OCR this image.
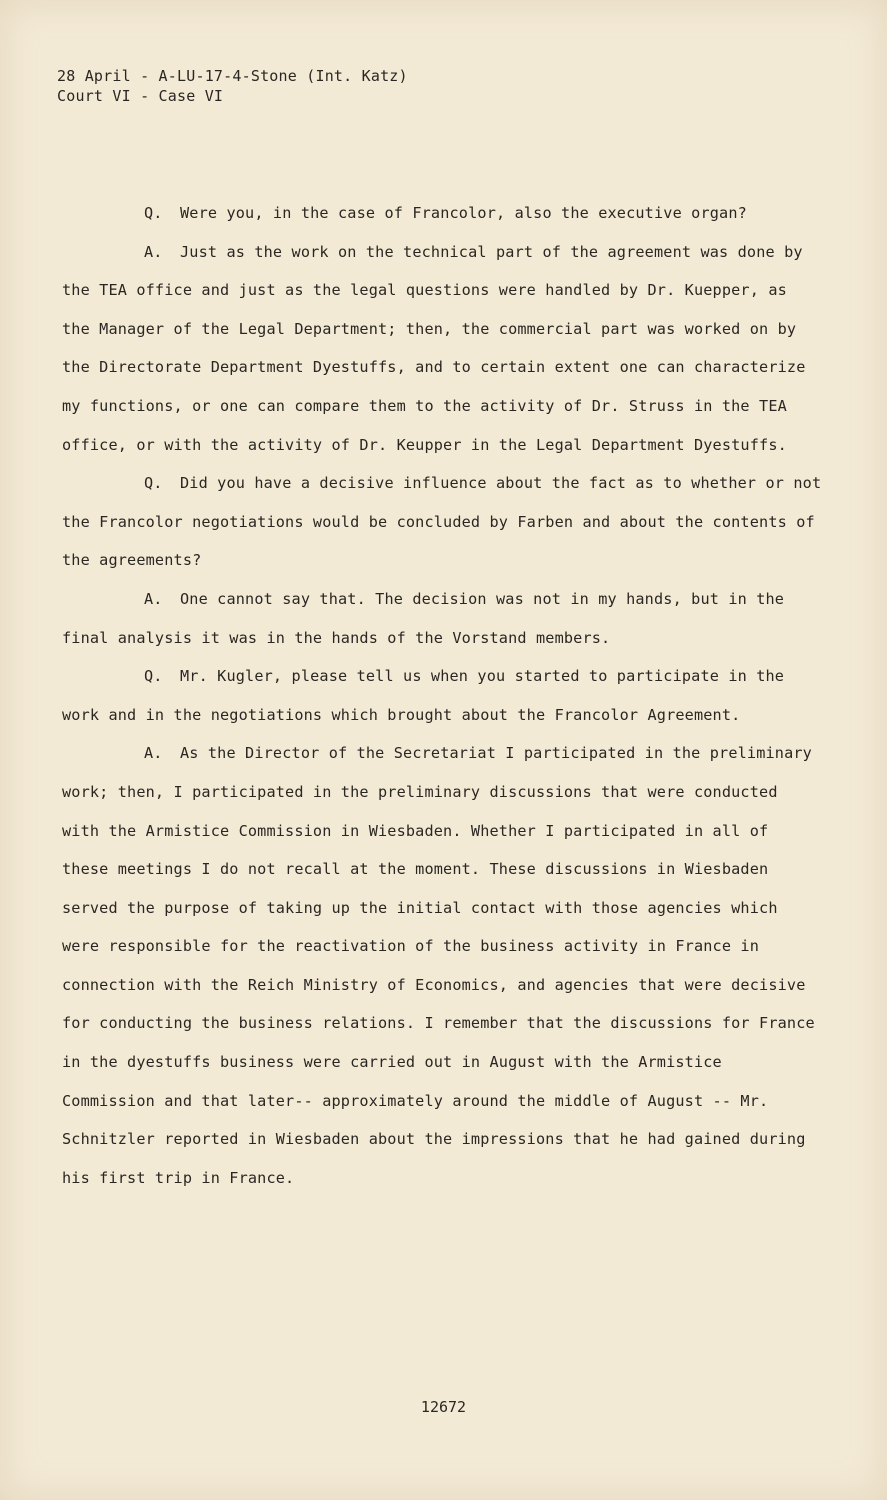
28 April - A-LU-17-4-Stone (Int. Katz)
Court VI - Case VI

Q. Were you, in the case of Francolor, also the executive organ?

A. Just as the work on the technical part of the agreement was done by the TEA office and just as the legal questions were handled by Dr. Kuepper, as the Manager of the Legal Department; then, the commercial part was worked on by the Directorate Department Dyestuffs, and to certain extent one can characterize my functions, or one can compare them to the activity of Dr. Struss in the TEA office, or with the activity of Dr. Keupper in the Legal Department Dyestuffs.

Q. Did you have a decisive influence about the fact as to whether or not the Francolor negotiations would be concluded by Farben and about the contents of the agreements?

A. One cannot say that. The decision was not in my hands, but in the final analysis it was in the hands of the Vorstand members.

Q. Mr. Kugler, please tell us when you started to participate in the work and in the negotiations which brought about the Francolor Agreement.

A. As the Director of the Secretariat I participated in the preliminary work; then, I participated in the preliminary discussions that were conducted with the Armistice Commission in Wiesbaden. Whether I participated in all of these meetings I do not recall at the moment. These discussions in Wiesbaden served the purpose of taking up the initial contact with those agencies which were responsible for the reactivation of the business activity in France in connection with the Reich Ministry of Economics, and agencies that were decisive for conducting the business relations. I remember that the discussions for France in the dyestuffs business were carried out in August with the Armistice Commission and that later-- approximately around the middle of August -- Mr. Schnitzler reported in Wiesbaden about the impressions that he had gained during his first trip in France.

12672
